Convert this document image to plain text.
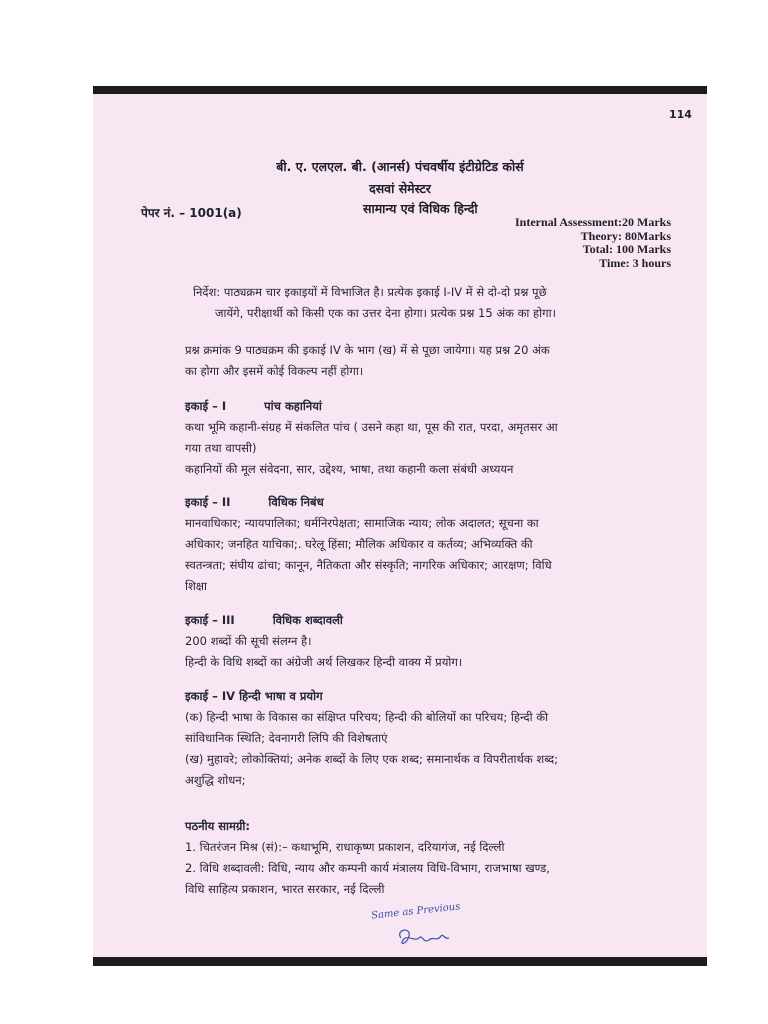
114
बी. ए. एलएल. बी. (आनर्स) पंचवर्षीय इंटीग्रेटिड कोर्स
दसवां सेमेस्टर
पेपर नं. – 1001(a)	सामान्य एवं विधिक हिन्दी
Internal Assessment:20 Marks
Theory: 80Marks
Total: 100 Marks
Time: 3 hours

निर्देश: पाठ्यक्रम चार इकाइयों में विभाजित है। प्रत्येक इकाई I-IV में से दो-दो प्रश्न पूछे

जायेंगे, परीक्षार्थी को किसी एक का उत्तर देना होगा। प्रत्येक प्रश्न 15 अंक का होगा।

प्रश्न क्रमांक 9 पाठ्यक्रम की इकाई IV के भाग (ख) में से पूछा जायेगा। यह प्रश्न 20 अंक

का होगा और इसमें कोई विकल्प नहीं होगा।

इकाई – I	पांच कहानियां

कथा भूमि कहानी-संग्रह में संकलित पांच ( उसने कहा था, पूस की रात, परदा, अमृतसर आ

गया तथा वापसी)

कहानियों की मूल संवेदना, सार, उद्देश्य, भाषा, तथा कहानी कला संबंधी अध्ययन

इकाई – II	विधिक निबंध

मानवाधिकार; न्यायपालिका; धर्मनिरपेक्षता; सामाजिक न्याय; लोक अदालत; सूचना का

अधिकार; जनहित याचिका;. घरेलू हिंसा; मौलिक अधिकार व कर्तव्य; अभिव्यक्ति की

स्वतन्त्रता; संघीय ढांचा; कानून, नैतिकता और संस्कृति; नागरिक अधिकार; आरक्षण; विधि

शिक्षा

इकाई – III	विधिक शब्दावली

200 शब्दों की सूची संलग्न है।

हिन्दी के विधि शब्दों का अंग्रेजी अर्थ लिखकर हिन्दी वाक्य में प्रयोग।

इकाई – IV हिन्दी भाषा व प्रयोग

(क) हिन्दी भाषा के विकास का संक्षिप्त परिचय; हिन्दी की बोलियों का परिचय; हिन्दी की

सांविधानिक स्थिति; देवनागरी लिपि की विशेषताएं

(ख) मुहावरे; लोकोक्तियां; अनेक शब्दों के लिए एक शब्द; समानार्थक व विपरीतार्थक शब्द;

अशुद्धि शोधन;

पठनीय सामग्री:

1. चितरंजन मिश्र (सं):– कथाभूमि, राधाकृष्ण प्रकाशन, दरियागंज, नई दिल्ली

2. विधि शब्दावली: विधि, न्याय और कम्पनी कार्य मंत्रालय विधि-विभाग, राजभाषा खण्ड,

विधि साहित्य प्रकाशन, भारत सरकार, नई दिल्ली

Same as Previous
